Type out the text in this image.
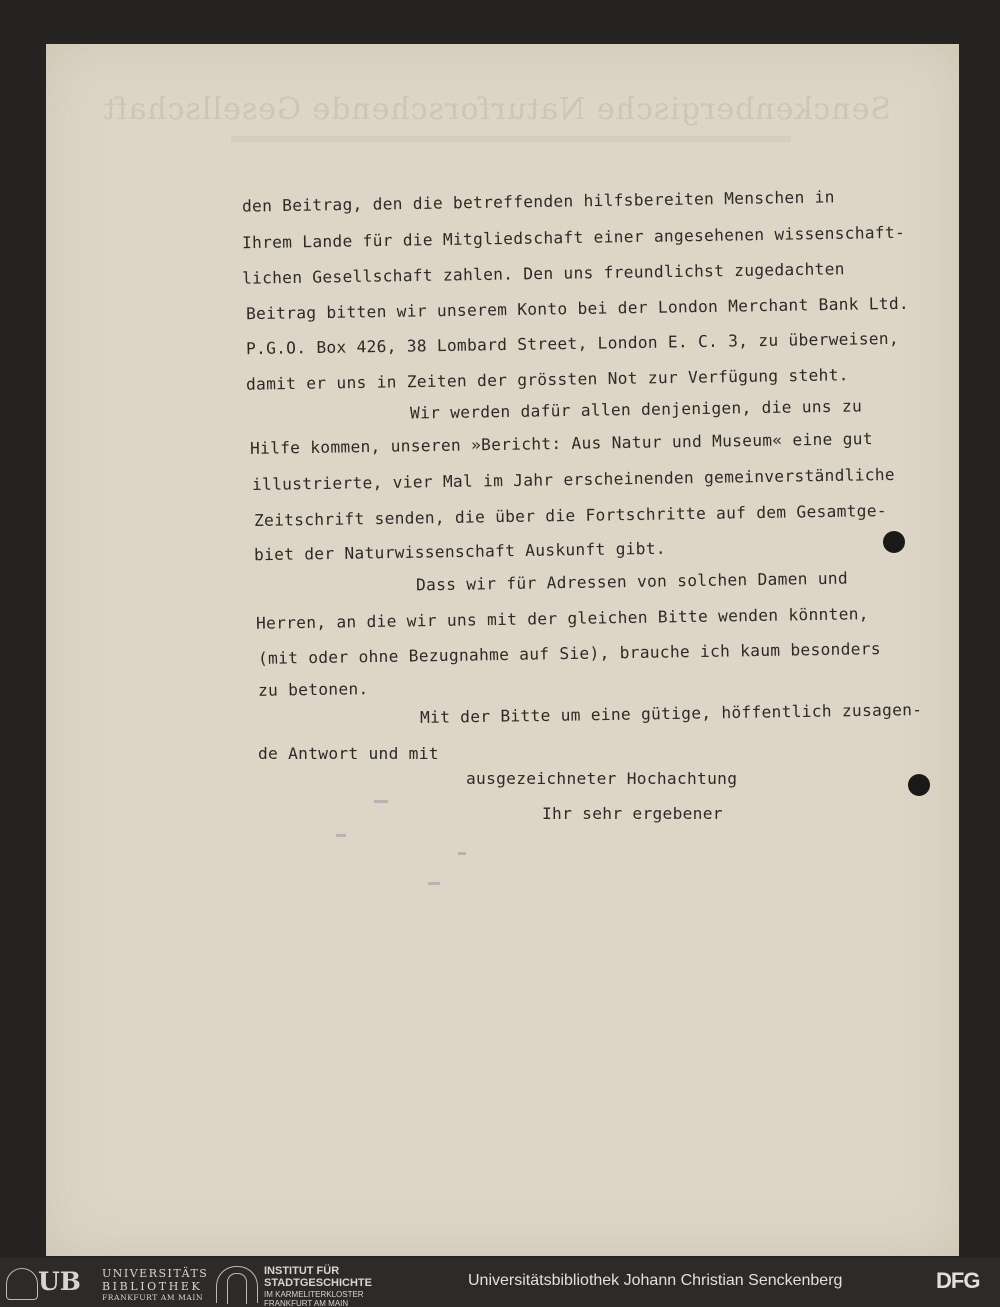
Senckenbergische Naturforschende Gesellschaft
den Beitrag, den die betreffenden hilfsbereiten Menschen in
Ihrem Lande für die Mitgliedschaft einer angesehenen wissenschaft-
lichen Gesellschaft zahlen. Den uns freundlichst zugedachten
Beitrag bitten wir unserem Konto bei der London Merchant Bank Ltd.
P.G.O. Box 426, 38 Lombard Street, London E. C. 3, zu überweisen,
damit er uns in Zeiten der grössten Not zur Verfügung steht.
Wir werden dafür allen denjenigen, die uns zu
Hilfe kommen, unseren »Bericht: Aus Natur und Museum« eine gut
illustrierte, vier Mal im Jahr erscheinenden gemeinverständliche
Zeitschrift senden, die über die Fortschritte auf dem Gesamtge-
biet der Naturwissenschaft Auskunft gibt.
Dass wir für Adressen von solchen Damen und
Herren, an die wir uns mit der gleichen Bitte wenden könnten,
(mit oder ohne Bezugnahme auf Sie), brauche ich kaum besonders
zu betonen.
Mit der Bitte um eine gütige, höffentlich zusagen-
de Antwort und mit
ausgezeichneter Hochachtung
Ihr sehr ergebener
UB UNIVERSITÄTS
BIBLIOTHEK
FRANKFURT AM MAIN
INSTITUT FÜR
STADTGESCHICHTE
IM KARMELITERKLOSTER
FRANKFURT AM MAIN
Universitätsbibliothek Johann Christian Senckenberg	DFG
